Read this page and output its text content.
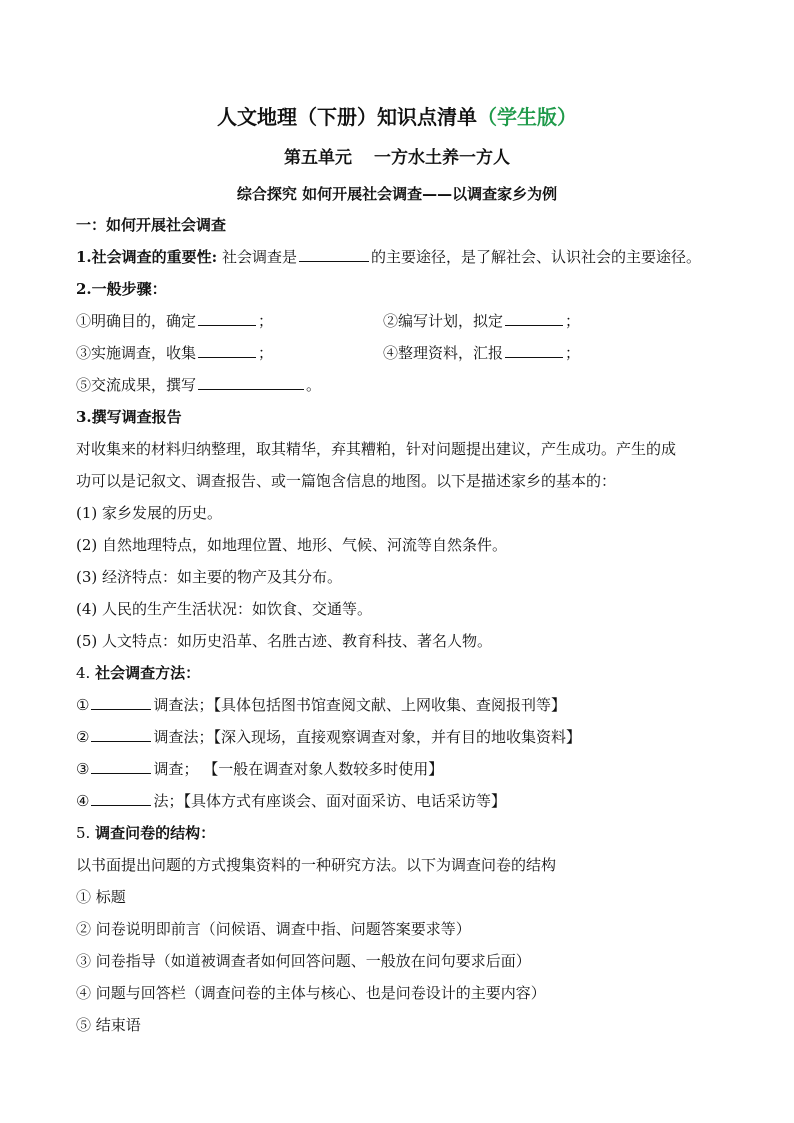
人文地理（下册）知识点清单（学生版）
第五单元 一方水土养一方人
综合探究 如何开展社会调查——以调查家乡为例
一：如何开展社会调查
1.社会调查的重要性: 社会调查是	的主要途径，是了解社会、认识社会的主要途径。
2.一般步骤：
①明确目的，确定	；	②编写计划，拟定	；
③实施调查，收集	；	④整理资料，汇报	；
⑤交流成果，撰写	。
3.撰写调查报告
对收集来的材料归纳整理，取其精华，弃其糟粕，针对问题提出建议，产生成功。产生的成
功可以是记叙文、调查报告、或一篇饱含信息的地图。以下是描述家乡的基本的：
(1) 家乡发展的历史。
(2) 自然地理特点，如地理位置、地形、气候、河流等自然条件。
(3) 经济特点：如主要的物产及其分布。
(4) 人民的生产生活状况：如饮食、交通等。
(5) 人文特点：如历史沿革、名胜古迹、教育科技、著名人物。
4. 社会调查方法：
①	调查法；【具体包括图书馆查阅文献、上网收集、查阅报刊等】
②	调查法；【深入现场，直接观察调查对象，并有目的地收集资料】
③	调查； 【一般在调查对象人数较多时使用】
④	法；【具体方式有座谈会、面对面采访、电话采访等】
5. 调查问卷的结构：
以书面提出问题的方式搜集资料的一种研究方法。以下为调查问卷的结构
① 标题
② 问卷说明即前言（问候语、调查中指、问题答案要求等）
③ 问卷指导（如道被调查者如何回答问题、一般放在问句要求后面）
④ 问题与回答栏（调查问卷的主体与核心、也是问卷设计的主要内容）
⑤ 结束语
